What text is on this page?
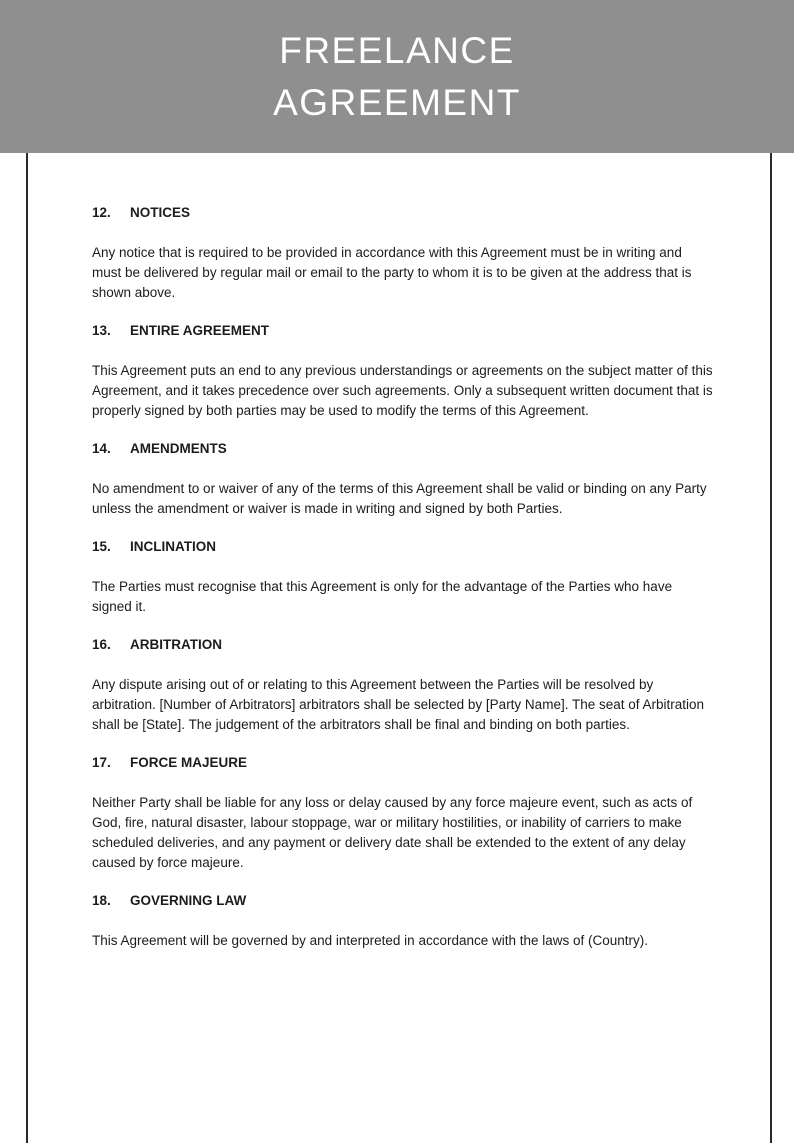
FREELANCE
AGREEMENT
12.	NOTICES

Any notice that is required to be provided in accordance with this Agreement must be in writing and must be delivered by regular mail or email to the party to whom it is to be given at the address that is shown above.

13.	ENTIRE AGREEMENT

This Agreement puts an end to any previous understandings or agreements on the subject matter of this Agreement, and it takes precedence over such agreements. Only a subsequent written document that is properly signed by both parties may be used to modify the terms of this Agreement.

14.	AMENDMENTS

No amendment to or waiver of any of the terms of this Agreement shall be valid or binding on any Party unless the amendment or waiver is made in writing and signed by both Parties.

15.	INCLINATION

The Parties must recognise that this Agreement is only for the advantage of the Parties who have signed it.

16.	ARBITRATION

Any dispute arising out of or relating to this Agreement between the Parties will be resolved by arbitration. [Number of Arbitrators] arbitrators shall be selected by [Party Name]. The seat of Arbitration shall be [State]. The judgement of the arbitrators shall be final and binding on both parties.

17.	FORCE MAJEURE

Neither Party shall be liable for any loss or delay caused by any force majeure event, such as acts of God, fire, natural disaster, labour stoppage, war or military hostilities, or inability of carriers to make scheduled deliveries, and any payment or delivery date shall be extended to the extent of any delay caused by force majeure.

18.	GOVERNING LAW

This Agreement will be governed by and interpreted in accordance with the laws of (Country).
